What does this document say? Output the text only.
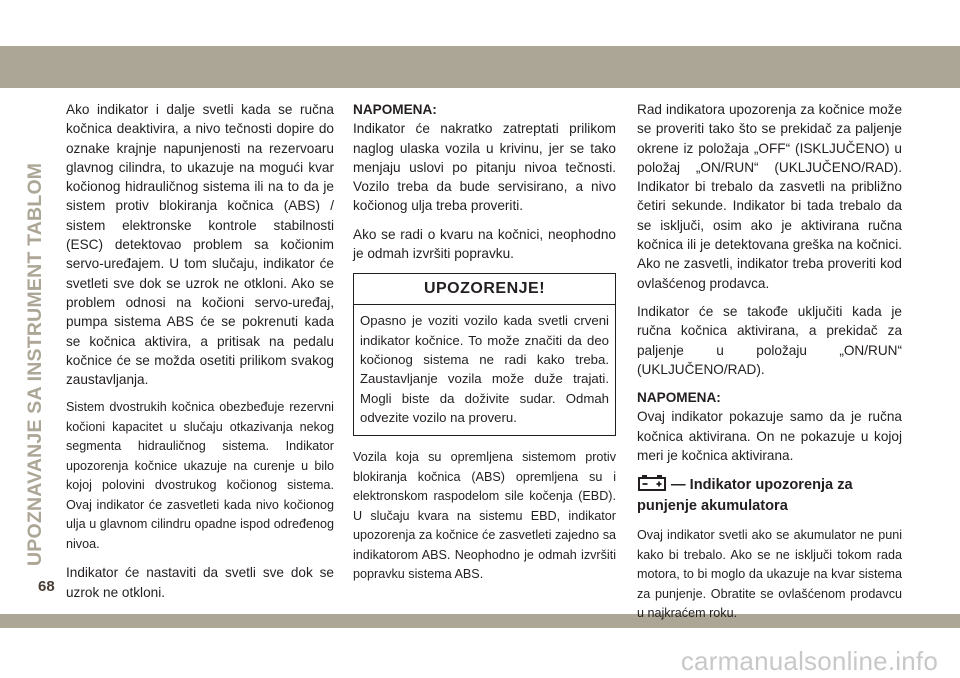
UPOZNAVANJE SA INSTRUMENT TABLOM

Ako indikator i dalje svetli kada se ručna kočnica deaktivira, a nivo tečnosti dopire do oznake krajnje napunjenosti na rezervoaru glavnog cilindra, to ukazuje na mogući kvar kočionog hidrauličnog sistema ili na to da je sistem protiv blokiranja kočnica (ABS) / sistem elektronske kontrole stabilnosti (ESC) detektovao problem sa kočionim servo-uređajem. U tom slučaju, indikator će svetleti sve dok se uzrok ne otkloni. Ako se problem odnosi na kočioni servo-uređaj, pumpa sistema ABS će se pokrenuti kada se kočnica aktivira, a pritisak na pedalu kočnice će se možda osetiti prilikom svakog zaustavljanja.

Sistem dvostrukih kočnica obezbeđuje rezervni kočioni kapacitet u slučaju otkazivanja nekog segmenta hidrauličnog sistema. Indikator upozorenja kočnice ukazuje na curenje u bilo kojoj polovini dvostrukog kočionog sistema. Ovaj indikator će zasvetleti kada nivo kočionog ulja u glavnom cilindru opadne ispod određenog nivoa.

Indikator će nastaviti da svetli sve dok se uzrok ne otkloni.

NAPOMENA:

Indikator će nakratko zatreptati prilikom naglog ulaska vozila u krivinu, jer se tako menjaju uslovi po pitanju nivoa tečnosti. Vozilo treba da bude servisirano, a nivo kočionog ulja treba proveriti.

Ako se radi o kvaru na kočnici, neophodno je odmah izvršiti popravku.

UPOZORENJE!
Opasno je voziti vozilo kada svetli crveni indikator kočnice. To može značiti da deo kočionog sistema ne radi kako treba. Zaustavljanje vozila može duže trajati. Mogli biste da doživite sudar. Odmah odvezite vozilo na proveru.

Vozila koja su opremljena sistemom protiv blokiranja kočnica (ABS) opremljena su i elektronskom raspodelom sile kočenja (EBD). U slučaju kvara na sistemu EBD, indikator upozorenja za kočnice će zasvetleti zajedno sa indikatorom ABS. Neophodno je odmah izvršiti popravku sistema ABS.

Rad indikatora upozorenja za kočnice može se proveriti tako što se prekidač za paljenje okrene iz položaja „OFF“ (ISKLJUČENO) u položaj „ON/RUN“ (UKLJUČENO/RAD). Indikator bi trebalo da zasvetli na približno četiri sekunde. Indikator bi tada trebalo da se isključi, osim ako je aktivirana ručna kočnica ili je detektovana greška na kočnici. Ako ne zasvetli, indikator treba proveriti kod ovlašćenog prodavca.

Indikator će se takođe uključiti kada je ručna kočnica aktivirana, a prekidač za paljenje u položaju „ON/RUN“ (UKLJUČENO/RAD).

NAPOMENA:

Ovaj indikator pokazuje samo da je ručna kočnica aktivirana. On ne pokazuje u kojoj meri je kočnica aktivirana.

— Indikator upozorenja za
punjenje akumulatora

Ovaj indikator svetli ako se akumulator ne puni kako bi trebalo. Ako se ne isključi tokom rada motora, to bi moglo da ukazuje na kvar sistema za punjenje. Obratite se ovlašćenom prodavcu u najkraćem roku.

68
carmanualsonline.info
